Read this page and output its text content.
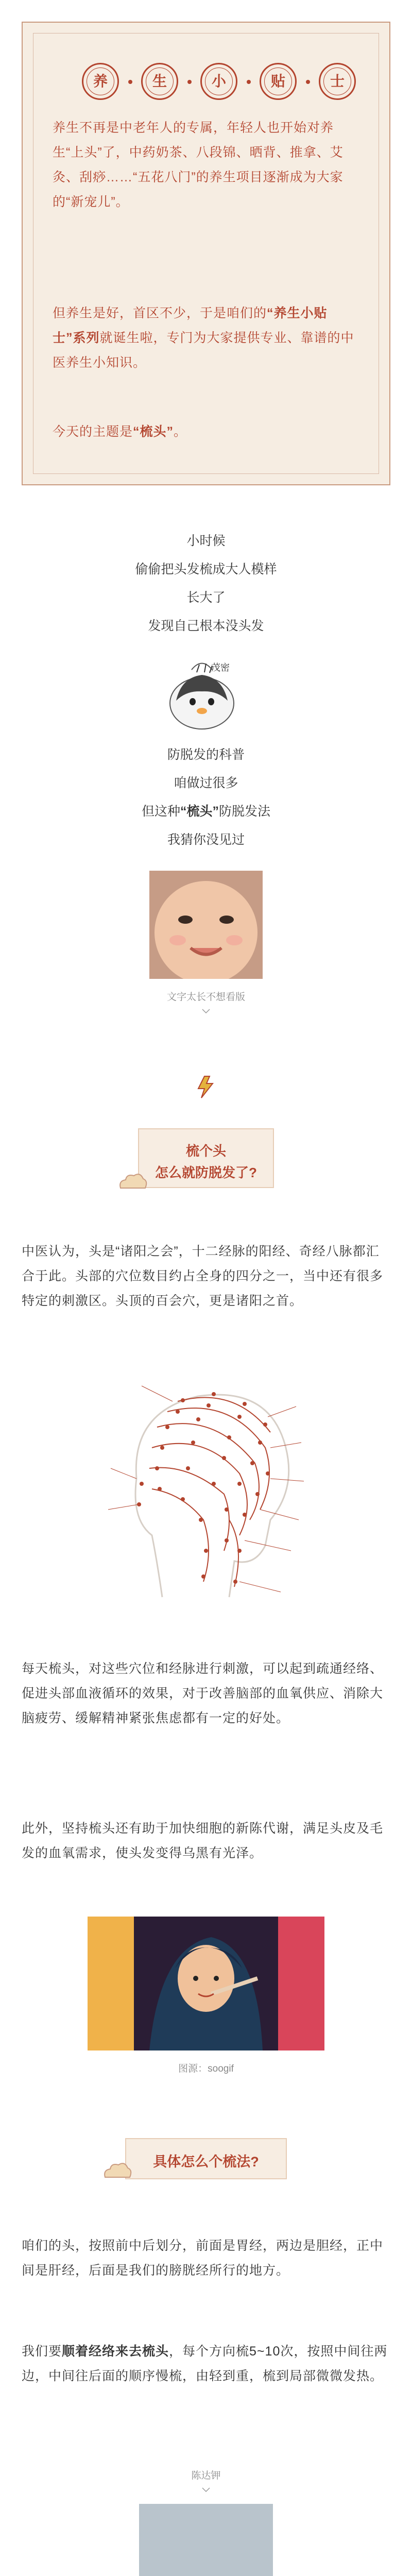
养	生	小	贴	士

养生不再是中老年人的专属，年轻人也开始对养生“上头”了，中药奶茶、八段锦、晒背、推拿、艾灸、刮痧……“五花八门”的养生项目逐渐成为大家的“新宠儿”。

但养生是好，首区不少，于是咱们的“养生小贴士”系列就诞生啦，专门为大家提供专业、靠谱的中医养生小知识。

今天的主题是“梳头”。

小时候

偷偷把头发梳成大人模样

长大了

发现自己根本没头发

茂密

防脱发的科普

咱做过很多

但这种“梳头”防脱发法

我猜你没见过

文字太长不想看版

梳个头
怎么就防脱发了?

中医认为，头是“诸阳之会”，十二经脉的阳经、奇经八脉都汇合于此。头部的穴位数目约占全身的四分之一，当中还有很多特定的刺激区。头顶的百会穴，更是诸阳之首。

每天梳头，对这些穴位和经脉进行刺激，可以起到疏通经络、促进头部血液循环的效果，对于改善脑部的血氧供应、消除大脑疲劳、缓解精神紧张焦虑都有一定的好处。

此外，坚持梳头还有助于加快细胞的新陈代谢，满足头皮及毛发的血氧需求，使头发变得乌黑有光泽。

图源：soogif

具体怎么个梳法?

咱们的头，按照前中后划分，前面是胃经，两边是胆经，正中间是肝经，后面是我们的膀胱经所行的地方。

我们要顺着经络来去梳头，每个方向梳5~10次，按照中间往两边，中间往后面的顺序慢梳，由轻到重，梳到局部微微发热。

陈达钾
